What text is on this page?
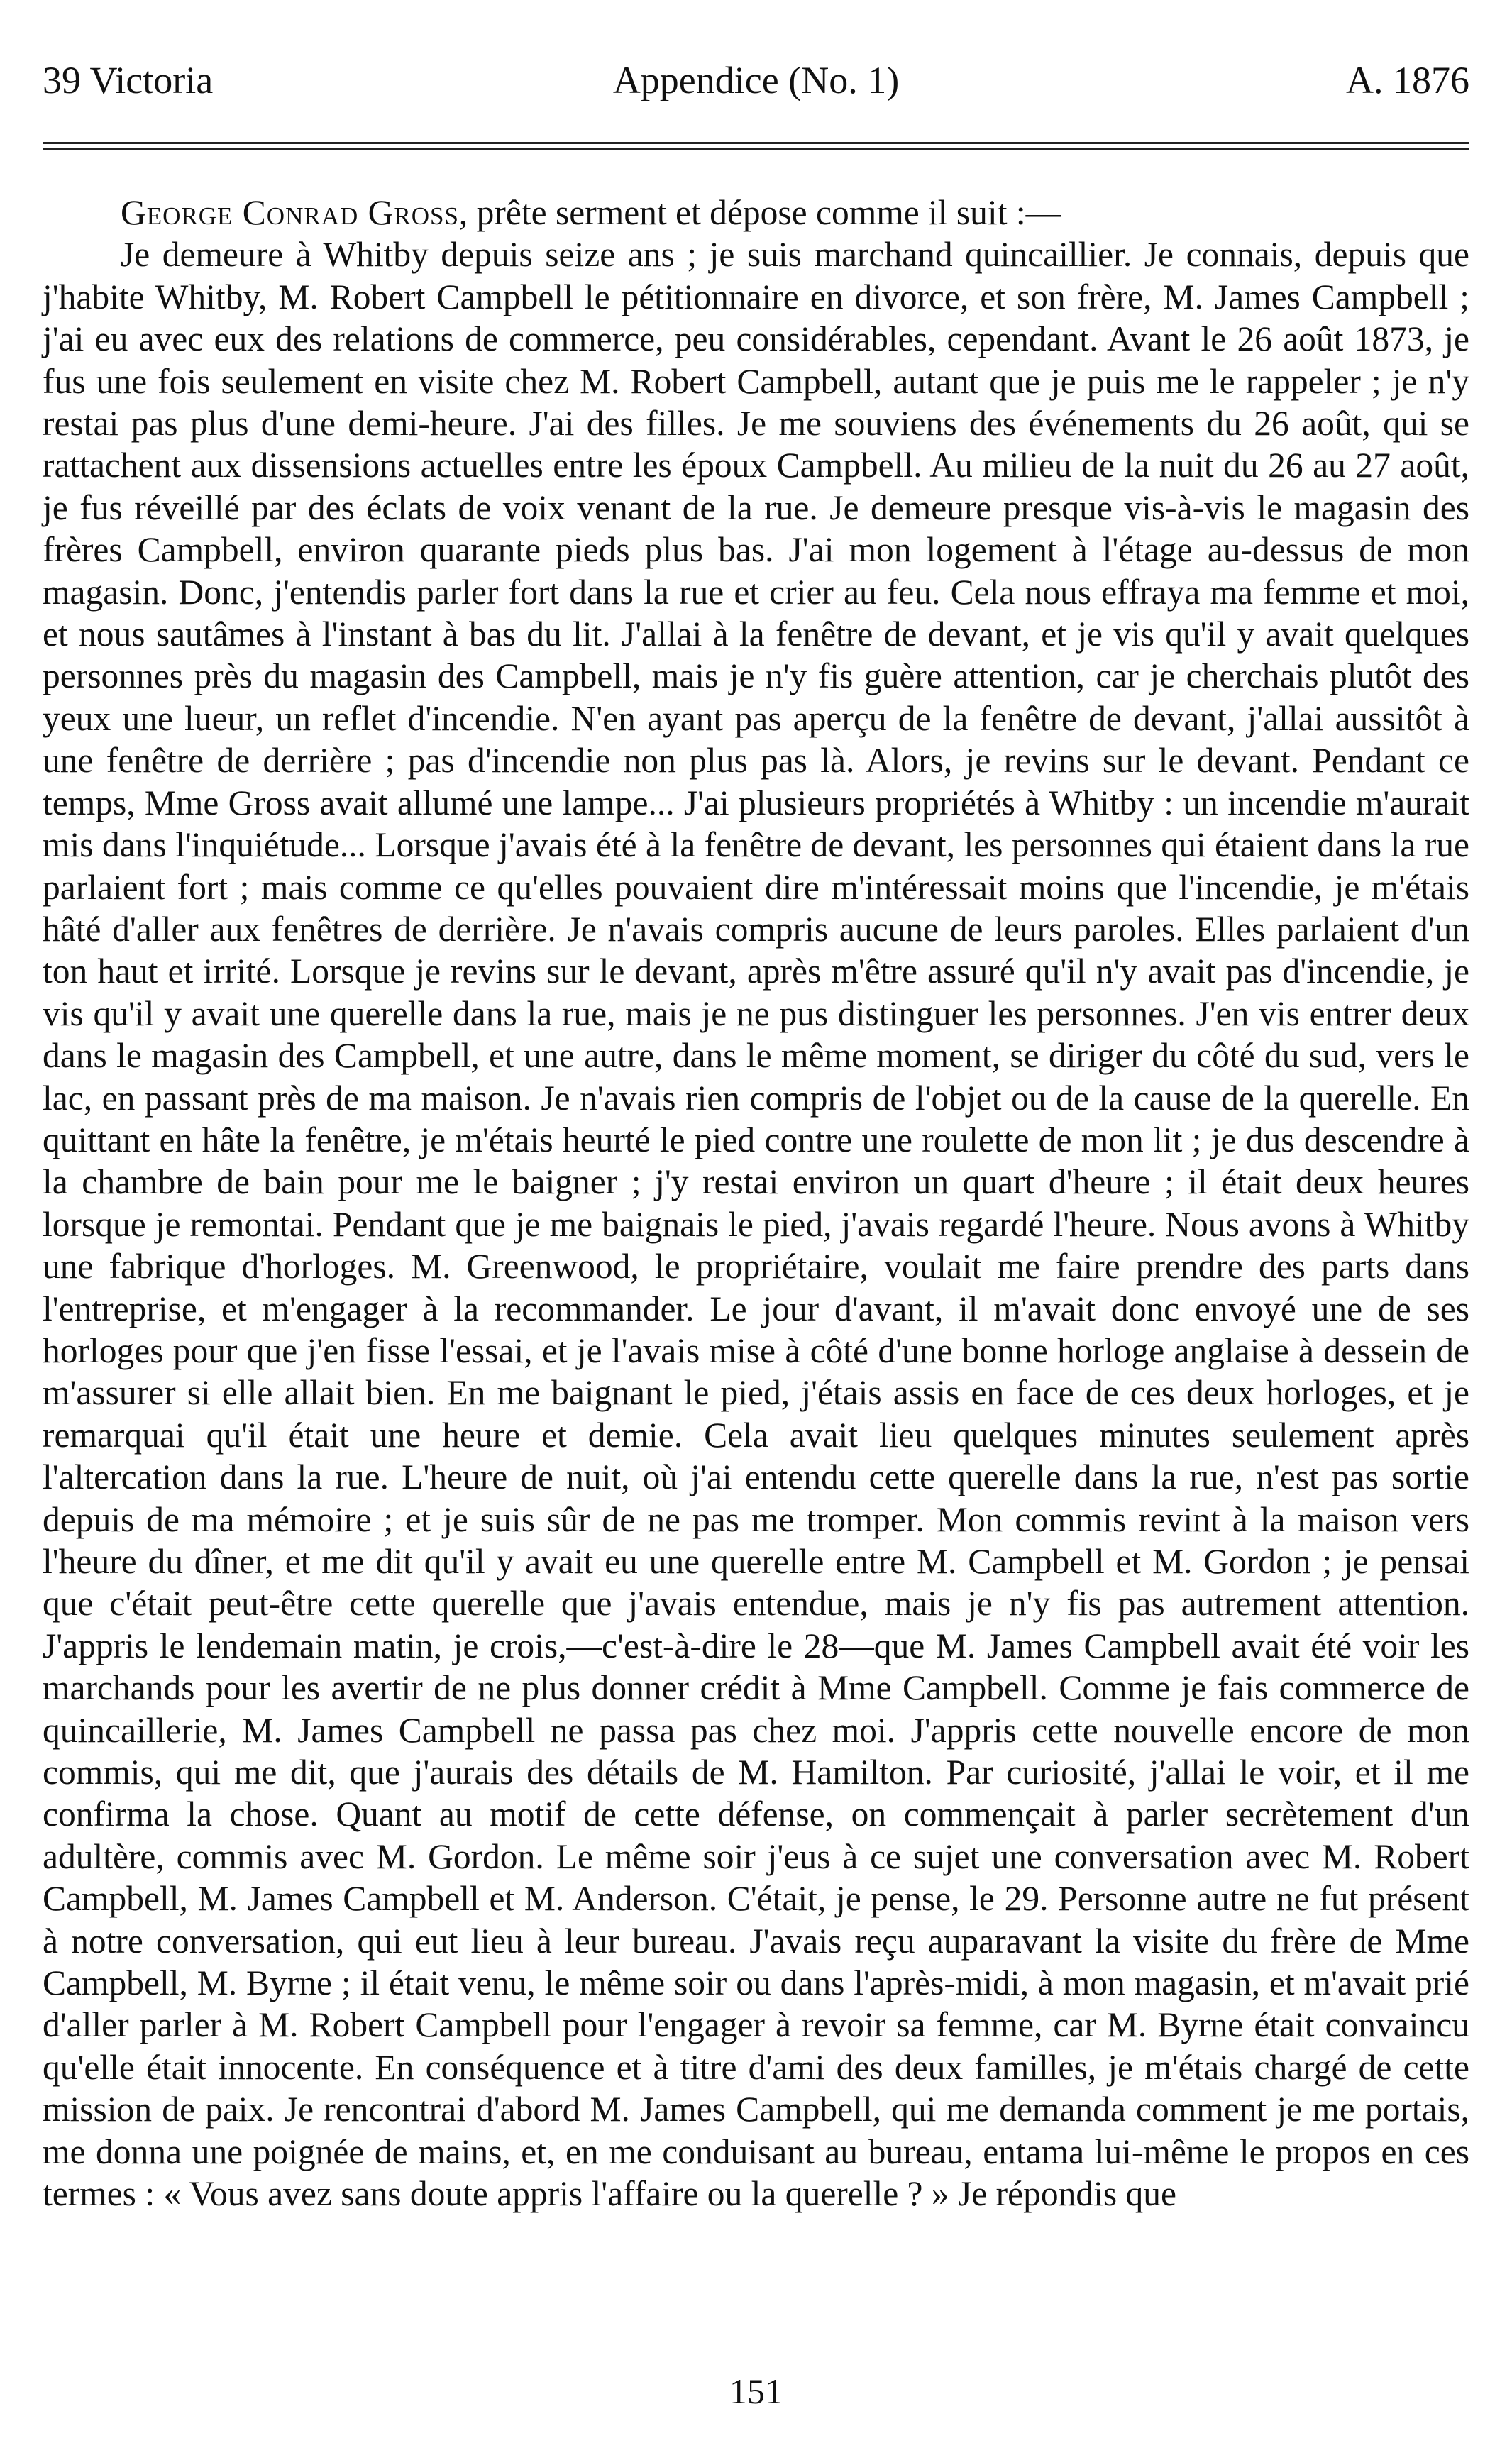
39 Victoria	Appendice (No. 1)	A. 1876

George Conrad Gross, prête serment et dépose comme il suit :—

Je demeure à Whitby depuis seize ans ; je suis marchand quincaillier. Je connais, depuis que j'habite Whitby, M. Robert Campbell le pétitionnaire en divorce, et son frère, M. James Campbell ; j'ai eu avec eux des relations de commerce, peu considérables, cependant. Avant le 26 août 1873, je fus une fois seulement en visite chez M. Robert Campbell, autant que je puis me le rappeler ; je n'y restai pas plus d'une demi-heure. J'ai des filles. Je me souviens des événements du 26 août, qui se rattachent aux dissensions actuelles entre les époux Campbell. Au milieu de la nuit du 26 au 27 août, je fus réveillé par des éclats de voix venant de la rue. Je demeure presque vis-à-vis le magasin des frères Campbell, environ quarante pieds plus bas. J'ai mon logement à l'étage au-dessus de mon magasin. Donc, j'entendis parler fort dans la rue et crier au feu. Cela nous effraya ma femme et moi, et nous sautâmes à l'instant à bas du lit. J'allai à la fenêtre de devant, et je vis qu'il y avait quelques personnes près du magasin des Campbell, mais je n'y fis guère attention, car je cherchais plutôt des yeux une lueur, un reflet d'incendie. N'en ayant pas aperçu de la fenêtre de devant, j'allai aussitôt à une fenêtre de derrière ; pas d'incendie non plus pas là. Alors, je revins sur le devant. Pendant ce temps, Mme Gross avait allumé une lampe... J'ai plusieurs propriétés à Whitby : un incendie m'aurait mis dans l'inquiétude... Lorsque j'avais été à la fenêtre de devant, les personnes qui étaient dans la rue parlaient fort ; mais comme ce qu'elles pouvaient dire m'intéressait moins que l'incendie, je m'étais hâté d'aller aux fenêtres de derrière. Je n'avais compris aucune de leurs paroles. Elles parlaient d'un ton haut et irrité. Lorsque je revins sur le devant, après m'être assuré qu'il n'y avait pas d'incendie, je vis qu'il y avait une querelle dans la rue, mais je ne pus distinguer les personnes. J'en vis entrer deux dans le magasin des Campbell, et une autre, dans le même moment, se diriger du côté du sud, vers le lac, en passant près de ma maison. Je n'avais rien compris de l'objet ou de la cause de la querelle. En quittant en hâte la fenêtre, je m'étais heurté le pied contre une roulette de mon lit ; je dus descendre à la chambre de bain pour me le baigner ; j'y restai environ un quart d'heure ; il était deux heures lorsque je remontai. Pendant que je me baignais le pied, j'avais regardé l'heure. Nous avons à Whitby une fabrique d'horloges. M. Greenwood, le propriétaire, voulait me faire prendre des parts dans l'entreprise, et m'engager à la recommander. Le jour d'avant, il m'avait donc envoyé une de ses horloges pour que j'en fisse l'essai, et je l'avais mise à côté d'une bonne horloge anglaise à dessein de m'assurer si elle allait bien. En me baignant le pied, j'étais assis en face de ces deux horloges, et je remarquai qu'il était une heure et demie. Cela avait lieu quelques minutes seulement après l'altercation dans la rue. L'heure de nuit, où j'ai entendu cette querelle dans la rue, n'est pas sortie depuis de ma mémoire ; et je suis sûr de ne pas me tromper. Mon commis revint à la maison vers l'heure du dîner, et me dit qu'il y avait eu une querelle entre M. Campbell et M. Gordon ; je pensai que c'était peut-être cette querelle que j'avais entendue, mais je n'y fis pas autrement attention. J'appris le lendemain matin, je crois,—c'est-à-dire le 28—que M. James Campbell avait été voir les marchands pour les avertir de ne plus donner crédit à Mme Campbell. Comme je fais commerce de quincaillerie, M. James Campbell ne passa pas chez moi. J'appris cette nouvelle encore de mon commis, qui me dit, que j'aurais des détails de M. Hamilton. Par curiosité, j'allai le voir, et il me confirma la chose. Quant au motif de cette défense, on commençait à parler secrètement d'un adultère, commis avec M. Gordon. Le même soir j'eus à ce sujet une conversation avec M. Robert Campbell, M. James Campbell et M. Anderson. C'était, je pense, le 29. Personne autre ne fut présent à notre conversation, qui eut lieu à leur bureau. J'avais reçu auparavant la visite du frère de Mme Campbell, M. Byrne ; il était venu, le même soir ou dans l'après-midi, à mon magasin, et m'avait prié d'aller parler à M. Robert Campbell pour l'engager à revoir sa femme, car M. Byrne était convaincu qu'elle était innocente. En conséquence et à titre d'ami des deux familles, je m'étais chargé de cette mission de paix. Je rencontrai d'abord M. James Campbell, qui me demanda comment je me portais, me donna une poignée de mains, et, en me conduisant au bureau, entama lui-même le propos en ces termes : « Vous avez sans doute appris l'affaire ou la querelle ? » Je répondis que

151
